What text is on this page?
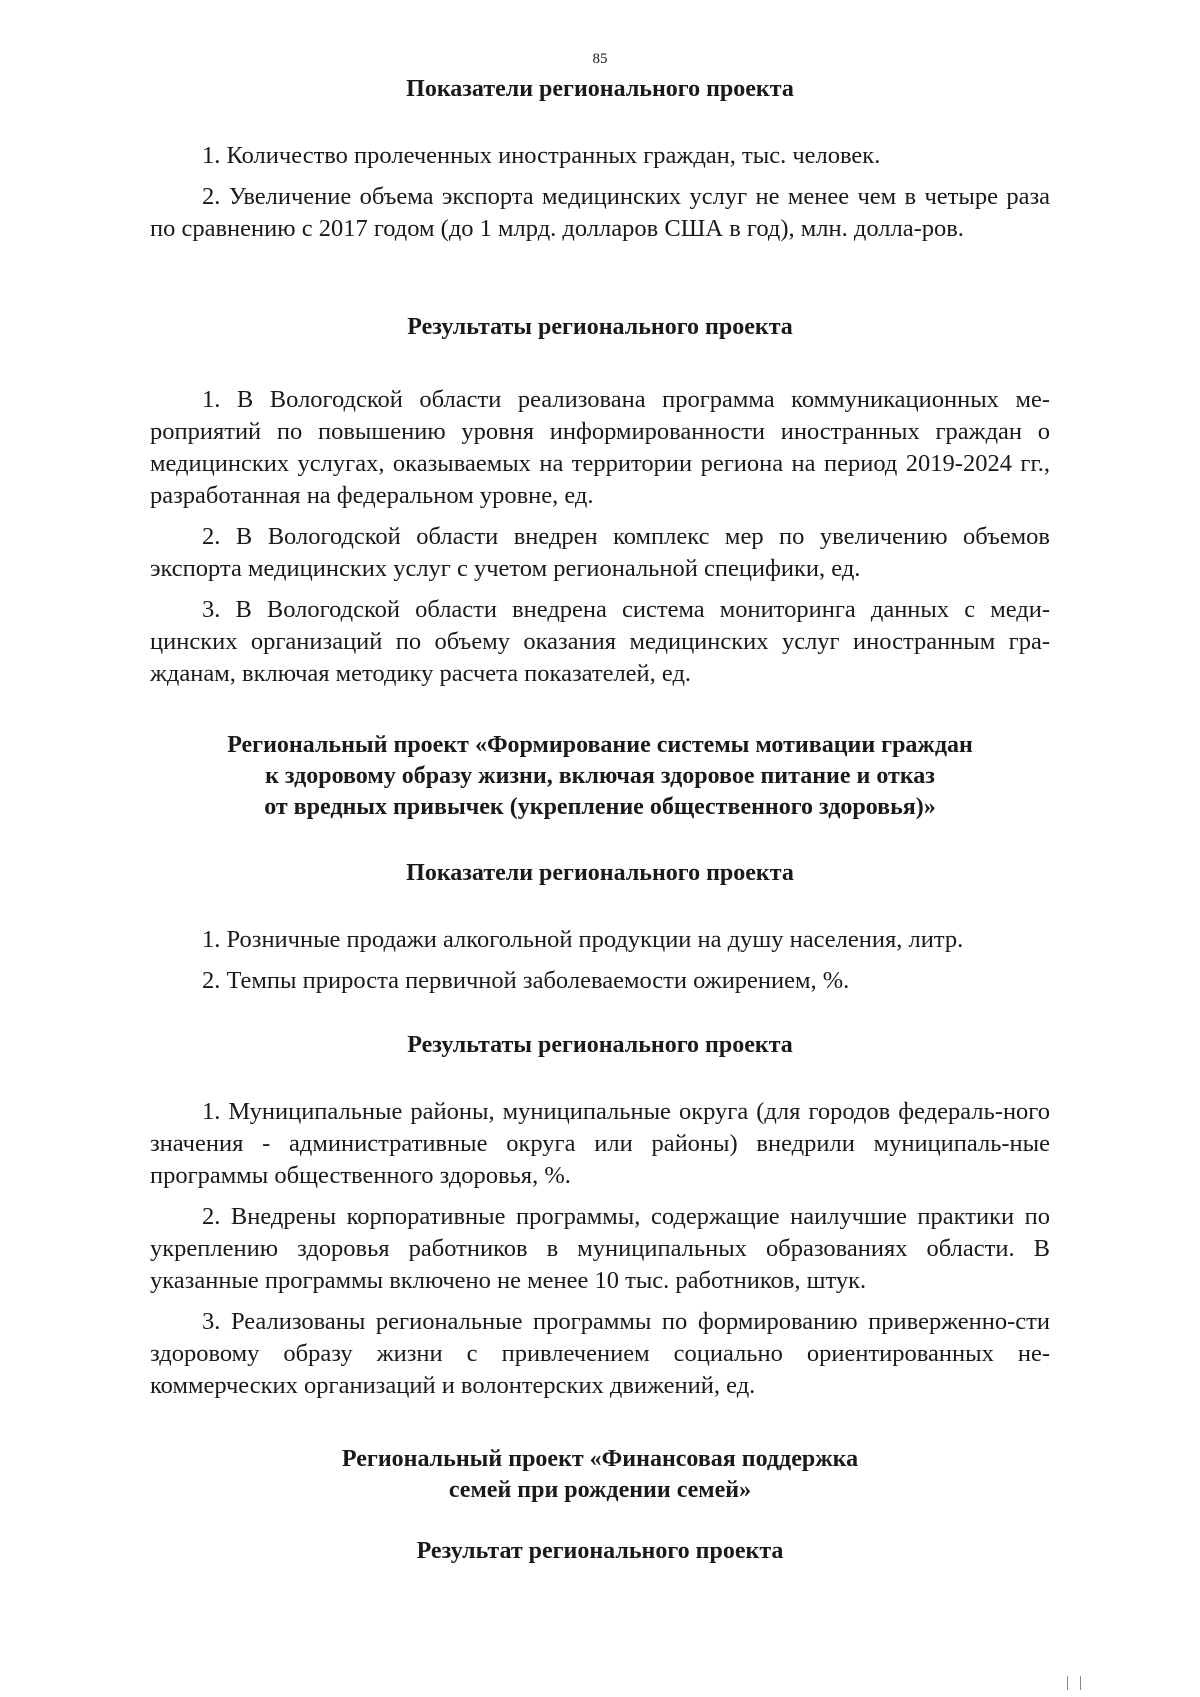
85

Показатели регионального проекта

1. Количество пролеченных иностранных граждан, тыс. человек.

2. Увеличение объема экспорта медицинских услуг не менее чем в четыре раза по сравнению с 2017 годом (до 1 млрд. долларов США в год), млн. долла-ров.

Результаты регионального проекта

1. В Вологодской области реализована программа коммуникационных ме-роприятий по повышению уровня информированности иностранных граждан о медицинских услугах, оказываемых на территории региона на период 2019-2024 гг., разработанная на федеральном уровне, ед.

2. В Вологодской области внедрен комплекс мер по увеличению объемов экспорта медицинских услуг с учетом региональной специфики, ед.

3. В Вологодской области внедрена система мониторинга данных с меди-цинских организаций по объему оказания медицинских услуг иностранным гра-жданам, включая методику расчета показателей, ед.

Региональный проект «Формирование системы мотивации граждан

к здоровому образу жизни, включая здоровое питание и отказ

от вредных привычек (укрепление общественного здоровья)»

Показатели регионального проекта

1. Розничные продажи алкогольной продукции на душу населения, литр.

2. Темпы прироста первичной заболеваемости ожирением, %.

Результаты регионального проекта

1. Муниципальные районы, муниципальные округа (для городов федераль-ного значения - административные округа или районы) внедрили муниципаль-ные программы общественного здоровья, %.

2. Внедрены корпоративные программы, содержащие наилучшие практики по укреплению здоровья работников в муниципальных образованиях области. В указанные программы включено не менее 10 тыс. работников, штук.

3. Реализованы региональные программы по формированию приверженно-сти здоровому образу жизни с привлечением социально ориентированных не-коммерческих организаций и волонтерских движений, ед.

Региональный проект «Финансовая поддержка

семей при рождении семей»

Результат регионального проекта
